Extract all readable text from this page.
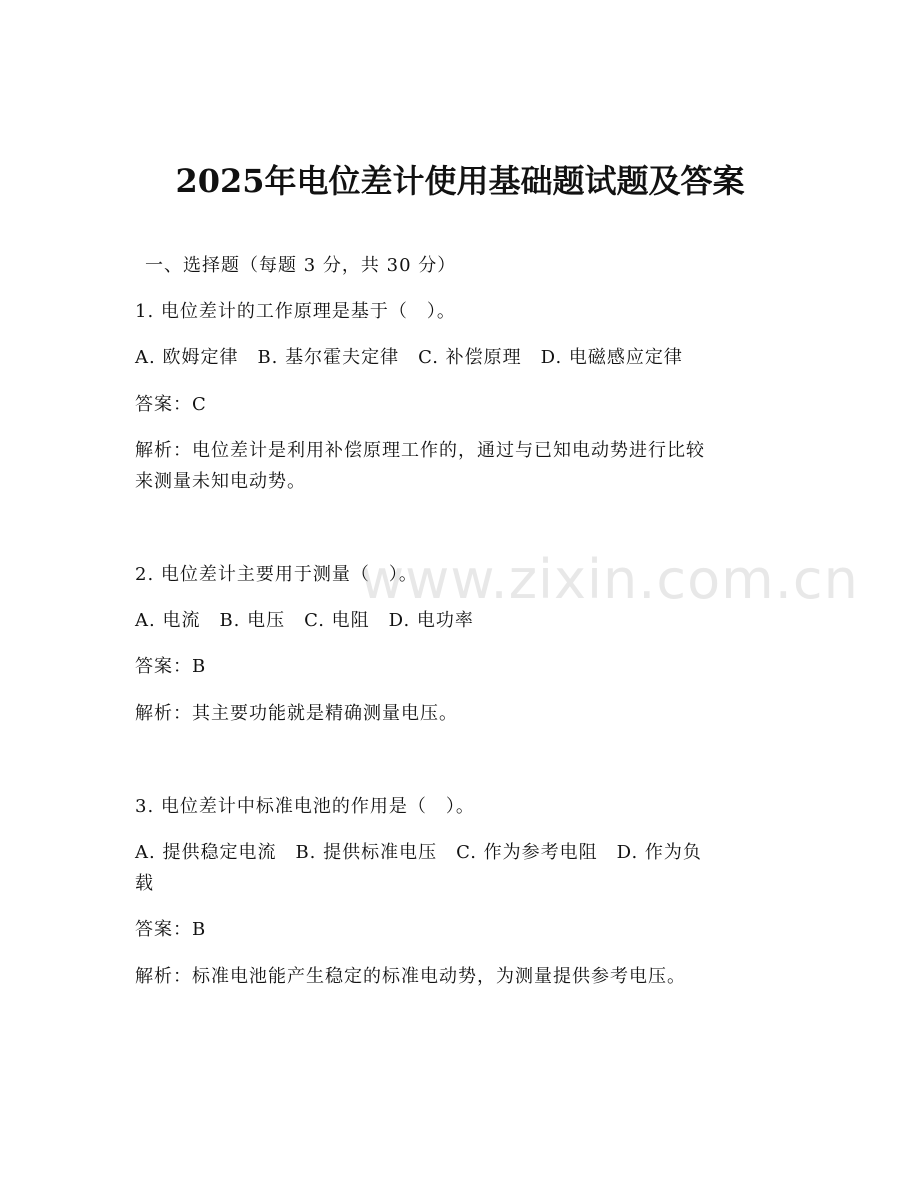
2025年电位差计使用基础题试题及答案
一、选择题（每题 3 分，共 30 分）
1. 电位差计的工作原理是基于（　）。
A. 欧姆定律　B. 基尔霍夫定律　C. 补偿原理　D. 电磁感应定律
答案：C
解析：电位差计是利用补偿原理工作的，通过与已知电动势进行比较
来测量未知电动势。
2. 电位差计主要用于测量（　）。
A. 电流　B. 电压　C. 电阻　D. 电功率
答案：B
解析：其主要功能就是精确测量电压。
3. 电位差计中标准电池的作用是（　）。
A. 提供稳定电流　B. 提供标准电压　C. 作为参考电阻　D. 作为负
载
答案：B
解析：标准电池能产生稳定的标准电动势，为测量提供参考电压。
www.zixin.com.cn
